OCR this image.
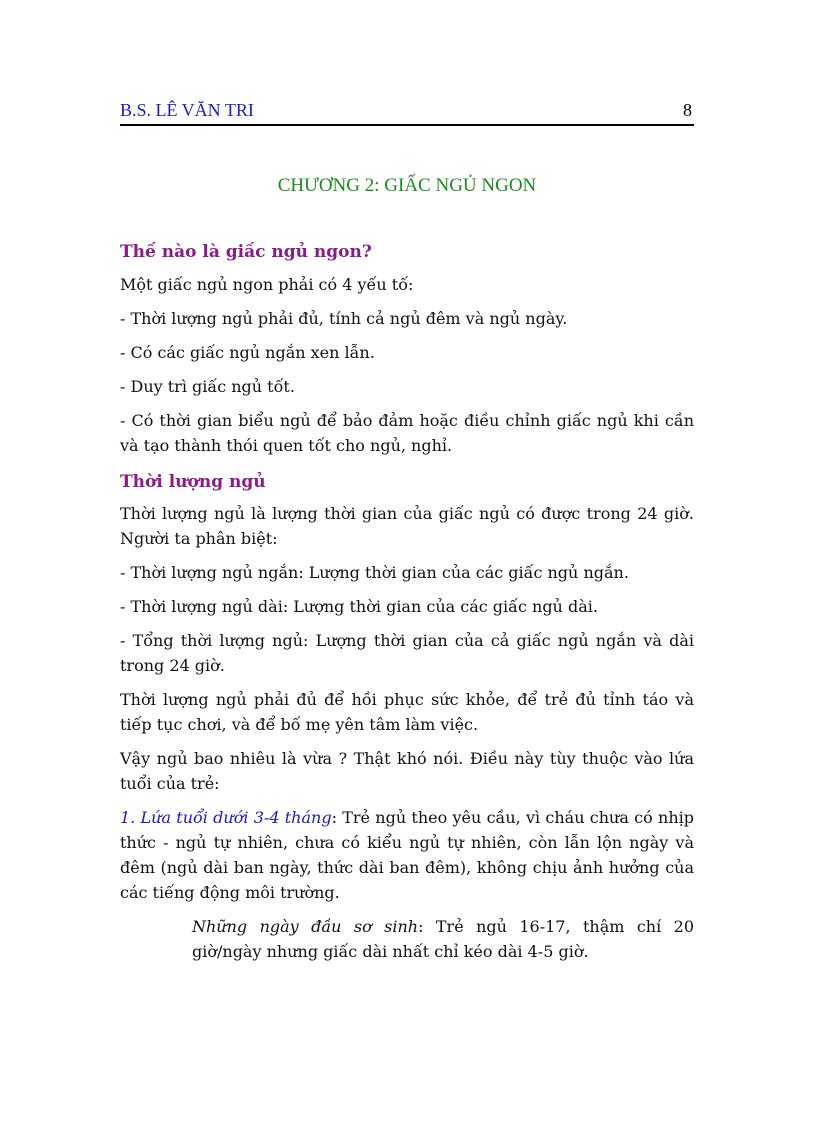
B.S. LÊ VĂN TRI	8
CHƯƠNG 2: GIẤC NGỦ NGON
Thế nào là giấc ngủ ngon?

Một giấc ngủ ngon phải có 4 yếu tố:

- Thời lượng ngủ phải đủ, tính cả ngủ đêm và ngủ ngày.

- Có các giấc ngủ ngắn xen lẫn.

- Duy trì giấc ngủ tốt.

- Có thời gian biểu ngủ để bảo đảm hoặc điều chỉnh giấc ngủ khi cần và tạo thành thói quen tốt cho ngủ, nghỉ.

Thời lượng ngủ

Thời lượng ngủ là lượng thời gian của giấc ngủ có được trong 24 giờ. Người ta phân biệt:

- Thời lượng ngủ ngắn: Lượng thời gian của các giấc ngủ ngắn.

- Thời lượng ngủ dài: Lượng thời gian của các giấc ngủ dài.

- Tổng thời lượng ngủ: Lượng thời gian của cả giấc ngủ ngắn và dài trong 24 giờ.

Thời lượng ngủ phải đủ để hồi phục sức khỏe, để trẻ đủ tỉnh táo và tiếp tục chơi, và để bố mẹ yên tâm làm việc.

Vậy ngủ bao nhiêu là vừa ? Thật khó nói. Điều này tùy thuộc vào lứa tuổi của trẻ:

1. Lứa tuổi dưới 3-4 tháng: Trẻ ngủ theo yêu cầu, vì cháu chưa có nhịp thức - ngủ tự nhiên, chưa có kiểu ngủ tự nhiên, còn lẫn lộn ngày và đêm (ngủ dài ban ngày, thức dài ban đêm), không chịu ảnh hưởng của các tiếng động môi trường.

Những ngày đầu sơ sinh: Trẻ ngủ 16-17, thậm chí 20 giờ/ngày nhưng giấc dài nhất chỉ kéo dài 4-5 giờ.
